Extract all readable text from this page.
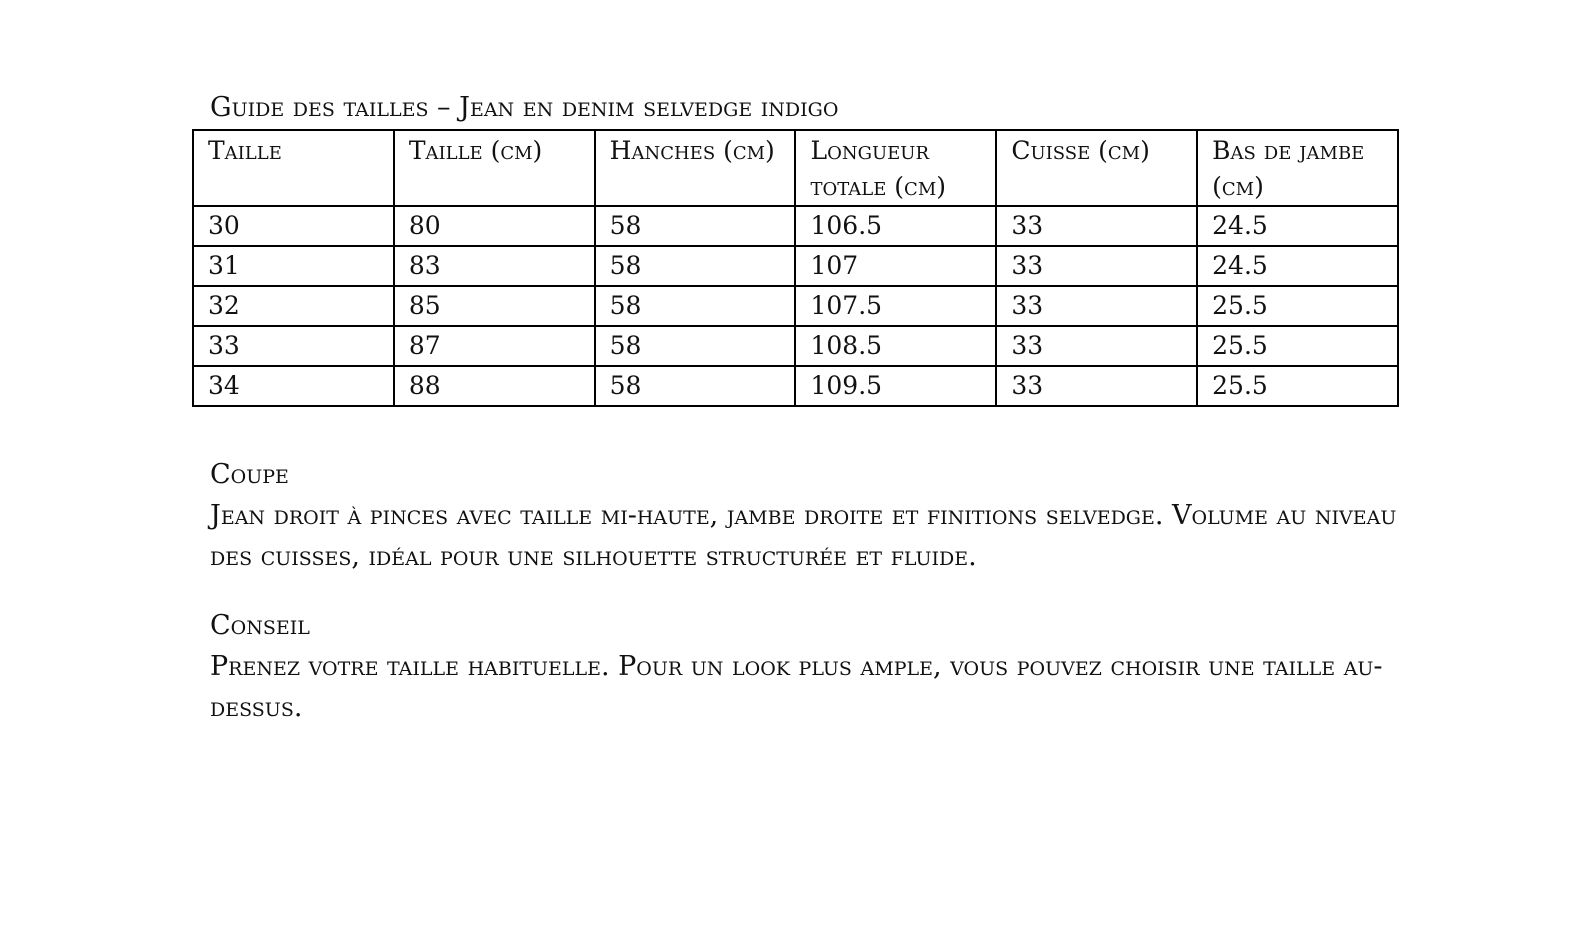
Guide des tailles – Jean en denim selvedge indigo
Taille	Taille (cm)	Hanches (cm)	Longueur totale (cm)	Cuisse (cm)	Bas de jambe (cm)
30	80	58	106.5	33	24.5
31	83	58	107	33	24.5
32	85	58	107.5	33	25.5
33	87	58	108.5	33	25.5
34	88	58	109.5	33	25.5
Coupe
Jean droit à pinces avec taille mi-haute, jambe droite et finitions selvedge. Volume au niveau des cuisses, idéal pour une silhouette structurée et fluide.
Conseil
Prenez votre taille habituelle. Pour un look plus ample, vous pouvez choisir une taille au-dessus.
